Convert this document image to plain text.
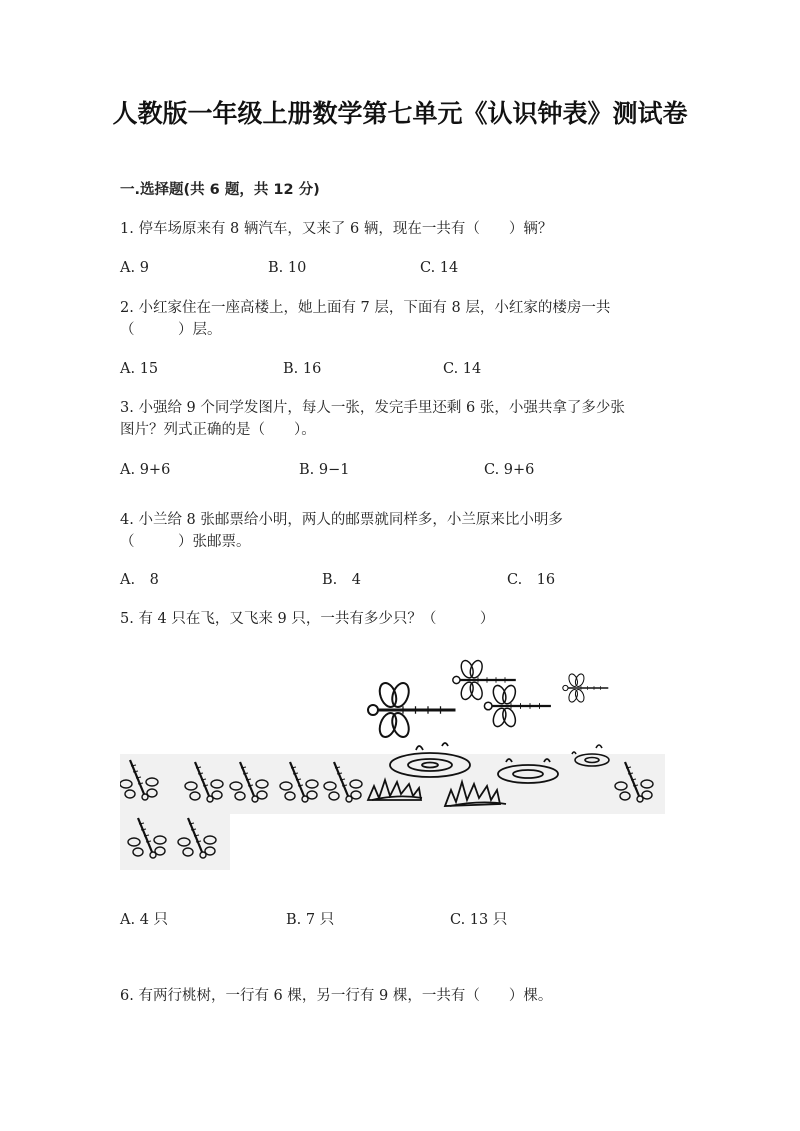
人教版一年级上册数学第七单元《认识钟表》测试卷
一.选择题(共 6 题，共 12 分)
1. 停车场原来有 8 辆汽车，又来了 6 辆，现在一共有（　　）辆？
A. 9	B. 10	C. 14
2. 小红家住在一座高楼上，她上面有 7 层，下面有 8 层，小红家的楼房一共
（　　　）层。
A. 15	B. 16	C. 14
3. 小强给 9 个同学发图片，每人一张，发完手里还剩 6 张，小强共拿了多少张
图片？列式正确的是（　　）。
A. 9+6	B. 9−1	C. 9+6
4. 小兰给 8 张邮票给小明，两人的邮票就同样多，小兰原来比小明多
（　　　）张邮票。
A.　8	B.　4	C.　16
5. 有 4 只在飞，又飞来 9 只，一共有多少只？（　　　）
A. 4 只	B. 7 只	C. 13 只
6. 有两行桃树，一行有 6 棵，另一行有 9 棵，一共有（　　）棵。
